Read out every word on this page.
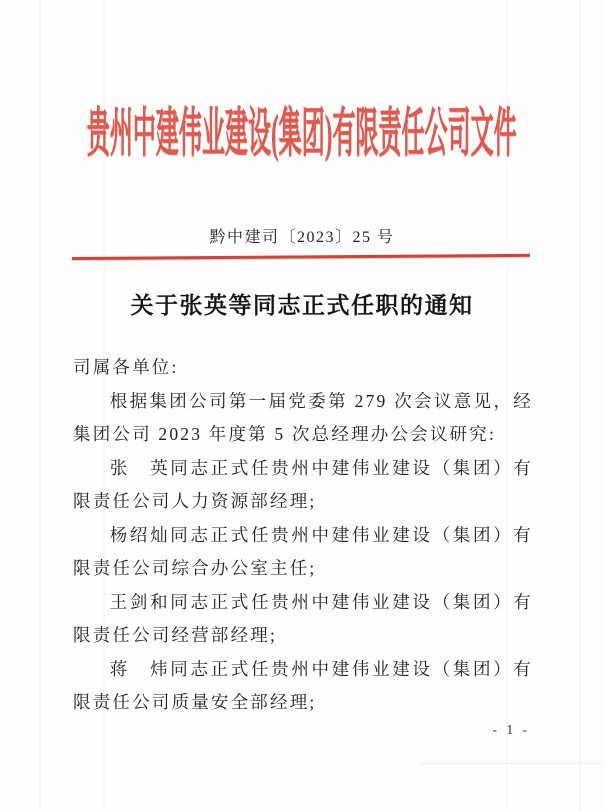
贵州中建伟业建设(集团)有限责任公司文件
黔中建司〔2023〕25 号
关于张英等同志正式任职的通知

司属各单位:

根据集团公司第一届党委第 279 次会议意见，经集团公司 2023 年度第 5 次总经理办公会议研究:

张　英同志正式任贵州中建伟业建设（集团）有限责任公司人力资源部经理;

杨绍灿同志正式任贵州中建伟业建设（集团）有限责任公司综合办公室主任;

王剑和同志正式任贵州中建伟业建设（集团）有限责任公司经营部经理;

蒋　炜同志正式任贵州中建伟业建设（集团）有限责任公司质量安全部经理;

- 1 -
